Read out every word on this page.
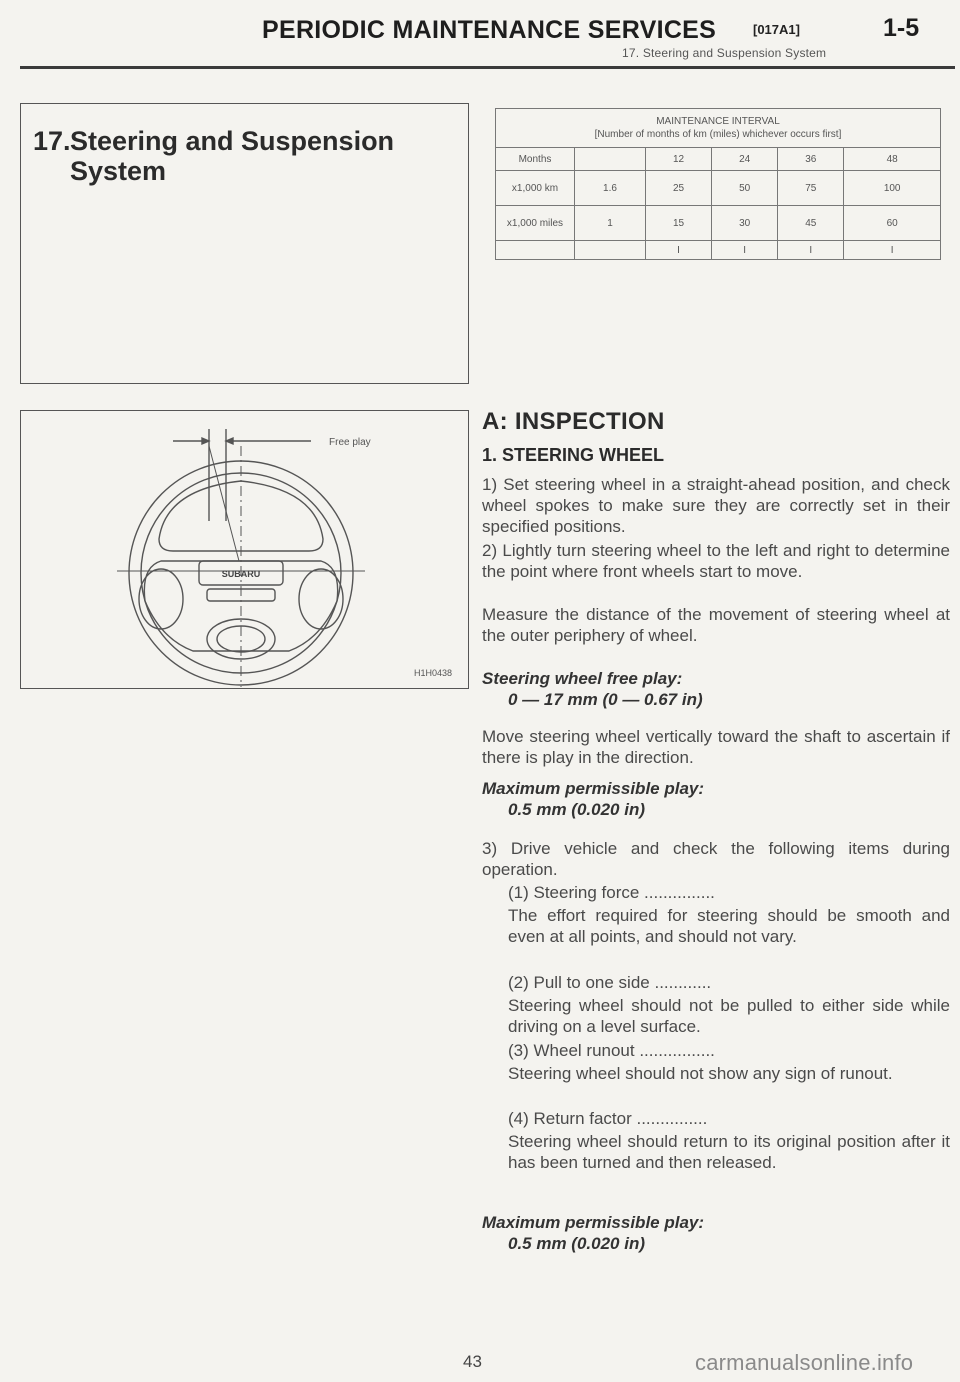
PERIODIC MAINTENANCE SERVICES	[017A1]	1-5
17. Steering and Suspension System
17. Steering and Suspension System
MAINTENANCE INTERVAL
[Number of months of km (miles) whichever occurs first]					
Months		12	24	36	48
x1,000 km	1.6	25	50	75	100
x1,000 miles	1	15	30	45	60
		I	I	I	I
SUBARU
Free play
H1H0438
A: INSPECTION
1. STEERING WHEEL
1) Set steering wheel in a straight-ahead position, and check wheel spokes to make sure they are correctly set in their specified positions.
2) Lightly turn steering wheel to the left and right to determine the point where front wheels start to move.
Measure the distance of the movement of steering wheel at the outer periphery of wheel.
Steering wheel free play:
0 — 17 mm (0 — 0.67 in)
Move steering wheel vertically toward the shaft to ascertain if there is play in the direction.
Maximum permissible play:
0.5 mm (0.020 in)
3) Drive vehicle and check the following items during operation.
(1) Steering force ...............
The effort required for steering should be smooth and even at all points, and should not vary.
(2) Pull to one side ............
Steering wheel should not be pulled to either side while driving on a level surface.
(3) Wheel runout ................
Steering wheel should not show any sign of runout.
(4) Return factor ...............
Steering wheel should return to its original position after it has been turned and then released.
Maximum permissible play:
0.5 mm (0.020 in)
43	carmanualsonline.info
